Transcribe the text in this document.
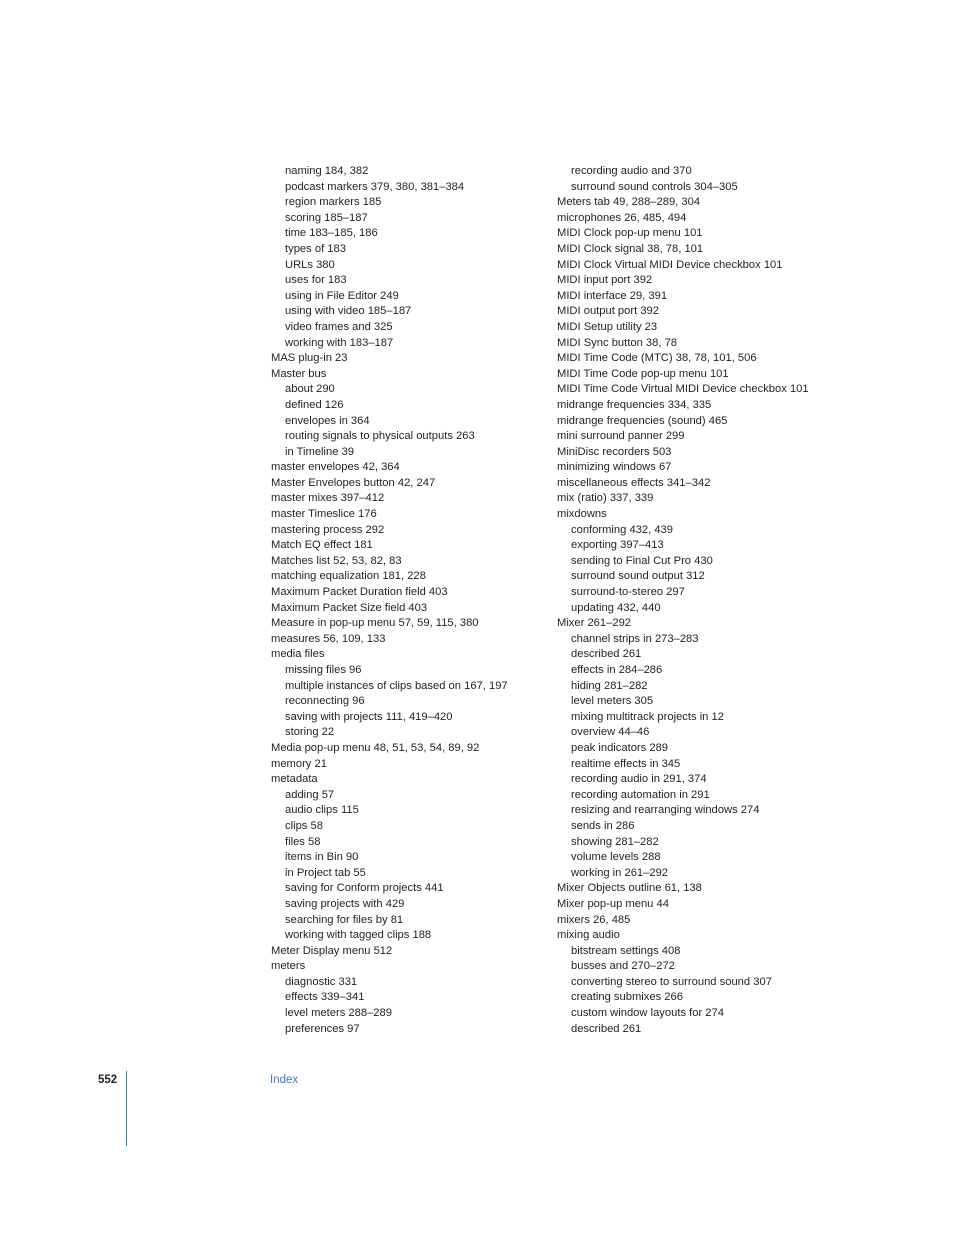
naming 184, 382
podcast markers 379, 380, 381–384
region markers 185
scoring 185–187
time 183–185, 186
types of 183
URLs 380
uses for 183
using in File Editor 249
using with video 185–187
video frames and 325
working with 183–187
MAS plug-in 23
Master bus
about 290
defined 126
envelopes in 364
routing signals to physical outputs 263
in Timeline 39
master envelopes 42, 364
Master Envelopes button 42, 247
master mixes 397–412
master Timeslice 176
mastering process 292
Match EQ effect 181
Matches list 52, 53, 82, 83
matching equalization 181, 228
Maximum Packet Duration field 403
Maximum Packet Size field 403
Measure in pop-up menu 57, 59, 115, 380
measures 56, 109, 133
media files
missing files 96
multiple instances of clips based on 167, 197
reconnecting 96
saving with projects 111, 419–420
storing 22
Media pop-up menu 48, 51, 53, 54, 89, 92
memory 21
metadata
adding 57
audio clips 115
clips 58
files 58
items in Bin 90
in Project tab 55
saving for Conform projects 441
saving projects with 429
searching for files by 81
working with tagged clips 188
Meter Display menu 512
meters
diagnostic 331
effects 339–341
level meters 288–289
preferences 97
recording audio and 370
surround sound controls 304–305
Meters tab 49, 288–289, 304
microphones 26, 485, 494
MIDI Clock pop-up menu 101
MIDI Clock signal 38, 78, 101
MIDI Clock Virtual MIDI Device checkbox 101
MIDI input port 392
MIDI interface 29, 391
MIDI output port 392
MIDI Setup utility 23
MIDI Sync button 38, 78
MIDI Time Code (MTC) 38, 78, 101, 506
MIDI Time Code pop-up menu 101
MIDI Time Code Virtual MIDI Device checkbox 101
midrange frequencies 334, 335
midrange frequencies (sound) 465
mini surround panner 299
MiniDisc recorders 503
minimizing windows 67
miscellaneous effects 341–342
mix (ratio) 337, 339
mixdowns
conforming 432, 439
exporting 397–413
sending to Final Cut Pro 430
surround sound output 312
surround-to-stereo 297
updating 432, 440
Mixer 261–292
channel strips in 273–283
described 261
effects in 284–286
hiding 281–282
level meters 305
mixing multitrack projects in 12
overview 44–46
peak indicators 289
realtime effects in 345
recording audio in 291, 374
recording automation in 291
resizing and rearranging windows 274
sends in 286
showing 281–282
volume levels 288
working in 261–292
Mixer Objects outline 61, 138
Mixer pop-up menu 44
mixers 26, 485
mixing audio
bitstream settings 408
busses and 270–272
converting stereo to surround sound 307
creating submixes 266
custom window layouts for 274
described 261
552	Index
